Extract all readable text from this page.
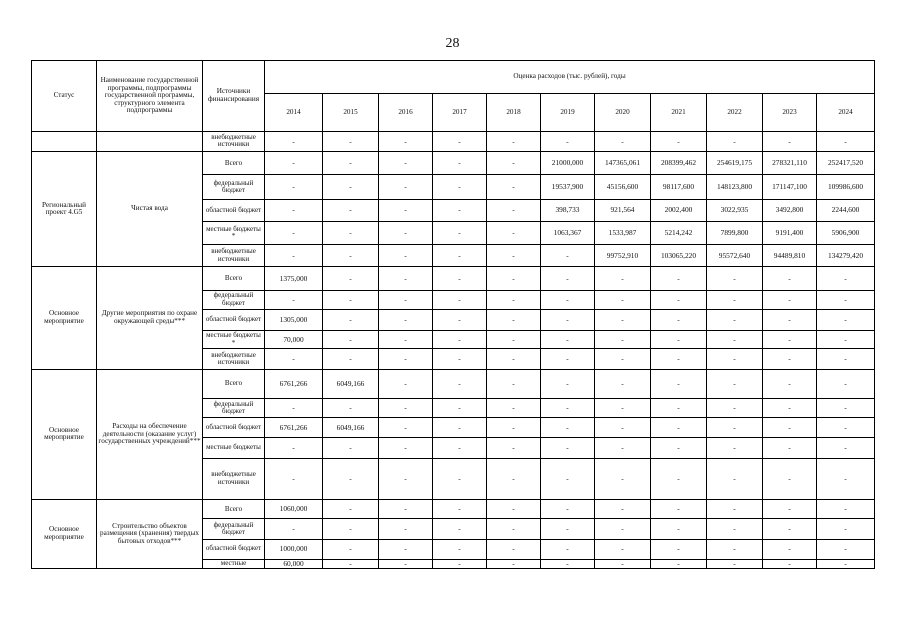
28
Статус	Наименование государственной программы, подпрограммы государственной программы, структурного элемента подпрограммы	Источники финансирования	Оценка расходов (тыс. рублей), годы										
			2014	2015	2016	2017	2018	2019	2020	2021	2022	2023	2024
		внебюджетные источники	-	-	-	-	-	-	-	-	-	-	-
Региональный проект 4.G5	Чистая вода	Всего	-	-	-	-	-	21000,000	147365,061	208399,462	254619,175	278321,110	252417,520
		федеральный бюджет	-	-	-	-	-	19537,900	45156,600	98117,600	148123,800	171147,100	109986,600
		областной бюджет	-	-	-	-	-	398,733	921,564	2002,400	3022,935	3492,800	2244,600
		местные бюджеты *	-	-	-	-	-	1063,367	1533,987	5214,242	7899,800	9191,400	5906,900
		внебюджетные источники	-	-	-	-	-	-	99752,910	103065,220	95572,640	94489,810	134279,420
Основное мероприятие	Другие мероприятия по охране окружающей среды***	Всего	1375,000	-	-	-	-	-	-	-	-	-	-
		федеральный бюджет	-	-	-	-	-	-	-	-	-	-	-
		областной бюджет	1305,000	-	-	-	-	-	-	-	-	-	-
		местные бюджеты *	70,000	-	-	-	-	-	-	-	-	-	-
		внебюджетные источники	-	-	-	-	-	-	-	-	-	-	-
Основное мероприятие	Расходы на обеспечение деятельности (оказание услуг) государственных учреждений***	Всего	6761,266	6049,166	-	-	-	-	-	-	-	-	-
		федеральный бюджет	-	-	-	-	-	-	-	-	-	-	-
		областной бюджет	6761,266	6049,166	-	-	-	-	-	-	-	-	-
		местные бюджеты	-	-	-	-	-	-	-	-	-	-	-
		внебюджетные источники	-	-	-	-	-	-	-	-	-	-	-
Основное мероприятие	Строительство объектов размещения (хранения) твердых бытовых отходов***	Всего	1060,000	-	-	-	-	-	-	-	-	-	-
		федеральный бюджет	-	-	-	-	-	-	-	-	-	-	-
		областной бюджет	1000,000	-	-	-	-	-	-	-	-	-	-
		местные	60,000	-	-	-	-	-	-	-	-	-	-
